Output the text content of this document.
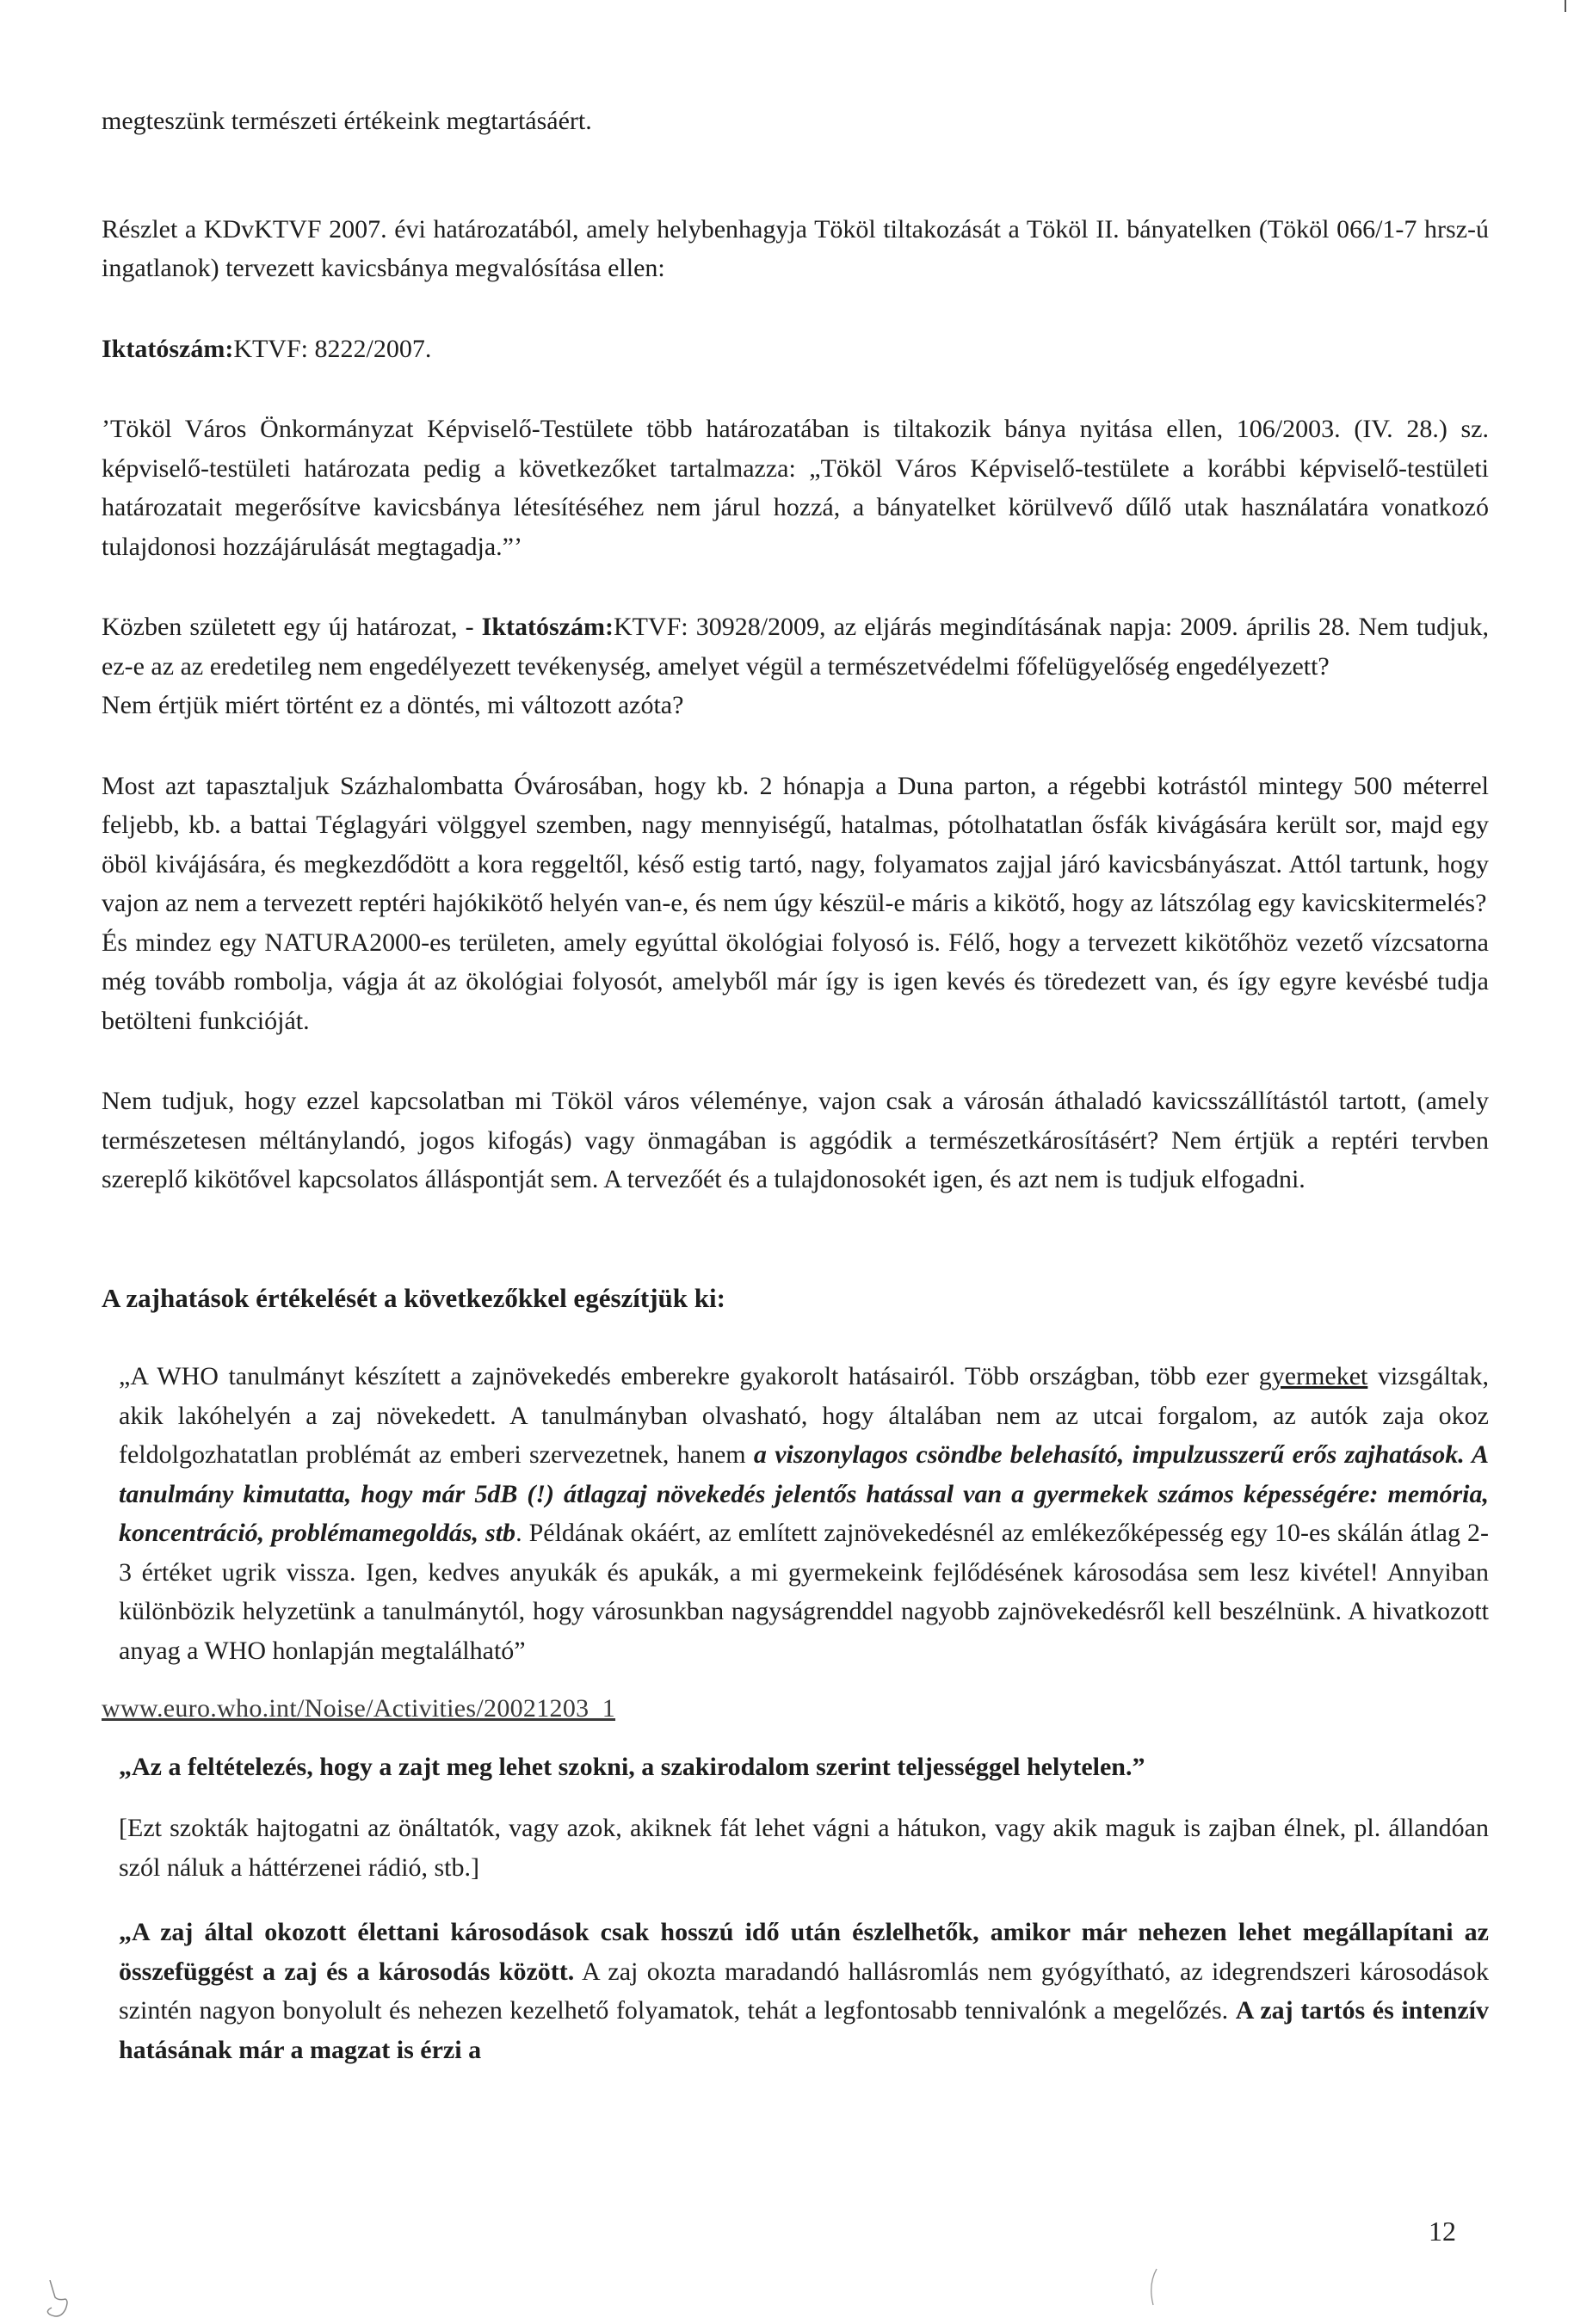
megteszünk természeti értékeink megtartásáért.

Részlet a KDvKTVF 2007. évi határozatából, amely helybenhagyja Tököl tiltakozását a Tököl II. bányatelken (Tököl 066/1-7 hrsz-ú ingatlanok) tervezett kavicsbánya megvalósítása ellen:

Iktatószám:KTVF: 8222/2007.

’Tököl Város Önkormányzat Képviselő-Testülete több határozatában is tiltakozik bánya nyitása ellen, 106/2003. (IV. 28.) sz. képviselő-testületi határozata pedig a következőket tartalmazza: „Tököl Város Képviselő-testülete a korábbi képviselő-testületi határozatait megerősítve kavicsbánya létesítéséhez nem járul hozzá, a bányatelket körülvevő dűlő utak használatára vonatkozó tulajdonosi hozzájárulását megtagadja.”’

Közben született egy új határozat, - Iktatószám:KTVF: 30928/2009, az eljárás megindításának napja: 2009. április 28. Nem tudjuk, ez-e az az eredetileg nem engedélyezett tevékenység, amelyet végül a természetvédelmi főfelügyelőség engedélyezett?

Nem értjük miért történt ez a döntés, mi változott azóta?

Most azt tapasztaljuk Százhalombatta Óvárosában, hogy kb. 2 hónapja a Duna parton, a régebbi kotrástól mintegy 500 méterrel feljebb, kb. a battai Téglagyári völggyel szemben, nagy mennyiségű, hatalmas, pótolhatatlan ősfák kivágására került sor, majd egy öböl kivájására, és megkezdődött a kora reggeltől, késő estig tartó, nagy, folyamatos zajjal járó kavicsbányászat. Attól tartunk, hogy vajon az nem a tervezett reptéri hajókikötő helyén van-e, és nem úgy készül-e máris a kikötő, hogy az látszólag egy kavicskitermelés?

És mindez egy NATURA2000-es területen, amely egyúttal ökológiai folyosó is. Félő, hogy a tervezett kikötőhöz vezető vízcsatorna még tovább rombolja, vágja át az ökológiai folyosót, amelyből már így is igen kevés és töredezett van, és így egyre kevésbé tudja betölteni funkcióját.

Nem tudjuk, hogy ezzel kapcsolatban mi Tököl város véleménye, vajon csak a városán áthaladó kavicsszállítástól tartott, (amely természetesen méltánylandó, jogos kifogás) vagy önmagában is aggódik a természetkárosításért? Nem értjük a reptéri tervben szereplő kikötővel kapcsolatos álláspontját sem. A tervezőét és a tulajdonosokét igen, és azt nem is tudjuk elfogadni.

A zajhatások értékelését a következőkkel egészítjük ki:

„A WHO tanulmányt készített a zajnövekedés emberekre gyakorolt hatásairól. Több országban, több ezer gyermeket vizsgáltak, akik lakóhelyén a zaj növekedett. A tanulmányban olvasható, hogy általában nem az utcai forgalom, az autók zaja okoz feldolgozhatatlan problémát az emberi szervezetnek, hanem a viszonylagos csöndbe belehasító, impulzusszerű erős zajhatások. A tanulmány kimutatta, hogy már 5dB (!) átlagzaj növekedés jelentős hatással van a gyermekek számos képességére: memória, koncentráció, problémamegoldás, stb. Példának okáért, az említett zajnövekedésnél az emlékezőképesség egy 10-es skálán átlag 2-3 értéket ugrik vissza. Igen, kedves anyukák és apukák, a mi gyermekeink fejlődésének károsodása sem lesz kivétel! Annyiban különbözik helyzetünk a tanulmánytól, hogy városunkban nagyságrenddel nagyobb zajnövekedésről kell beszélnünk. A hivatkozott anyag a WHO honlapján megtalálható”

www.euro.who.int/Noise/Activities/20021203_1

„Az a feltételezés, hogy a zajt meg lehet szokni, a szakirodalom szerint teljességgel helytelen.”

[Ezt szokták hajtogatni az önáltatók, vagy azok, akiknek fát lehet vágni a hátukon, vagy akik maguk is zajban élnek, pl. állandóan szól náluk a háttérzenei rádió, stb.]

„A zaj által okozott élettani károsodások csak hosszú idő után észlelhetők, amikor már nehezen lehet megállapítani az összefüggést a zaj és a károsodás között. A zaj okozta maradandó hallásromlás nem gyógyítható, az idegrendszeri károsodások szintén nagyon bonyolult és nehezen kezelhető folyamatok, tehát a legfontosabb tennivalónk a megelőzés. A zaj tartós és intenzív hatásának már a magzat is érzi a

12
